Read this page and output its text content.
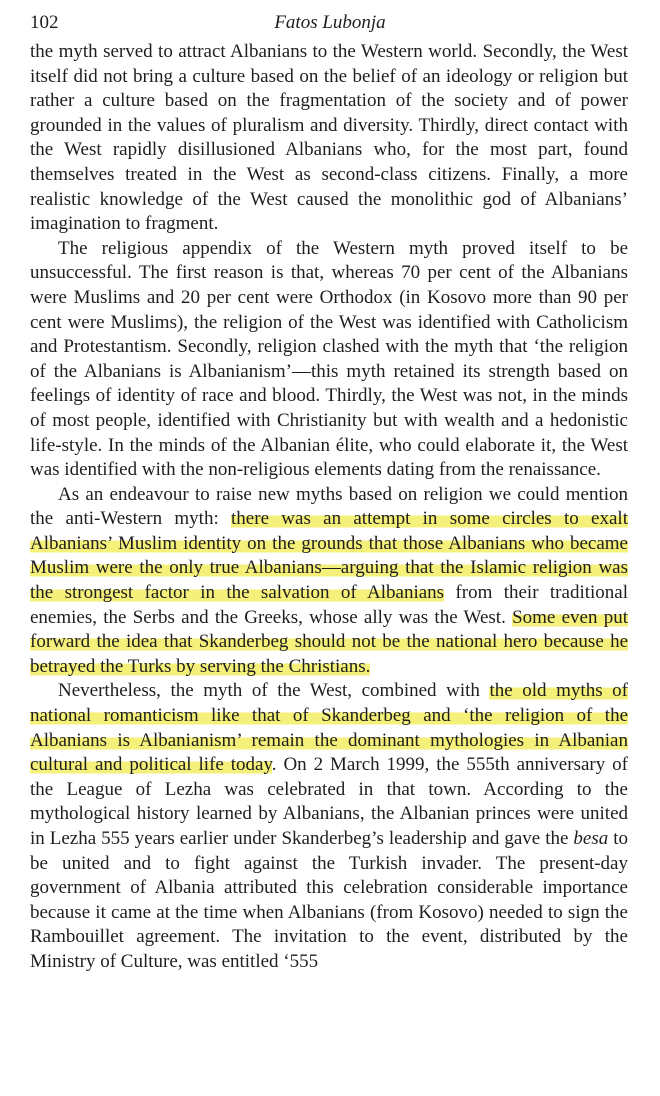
102	Fatos Lubonja

the myth served to attract Albanians to the Western world. Secondly, the West itself did not bring a culture based on the belief of an ideology or religion but rather a culture based on the fragmentation of the society and of power grounded in the values of pluralism and diversity. Thirdly, direct contact with the West rapidly disillusioned Albanians who, for the most part, found themselves treated in the West as second-class citizens. Finally, a more realistic knowledge of the West caused the monolithic god of Albanians’ imagination to fragment.

The religious appendix of the Western myth proved itself to be unsuccessful. The first reason is that, whereas 70 per cent of the Albanians were Muslims and 20 per cent were Orthodox (in Kosovo more than 90 per cent were Muslims), the religion of the West was identified with Catholicism and Protestantism. Secondly, religion clashed with the myth that ‘the religion of the Albanians is Albanianism’—this myth retained its strength based on feelings of identity of race and blood. Thirdly, the West was not, in the minds of most people, identified with Christianity but with wealth and a hedonistic life-style. In the minds of the Albanian élite, who could elaborate it, the West was identified with the non-religious elements dating from the renaissance.

As an endeavour to raise new myths based on religion we could mention the anti-Western myth: there was an attempt in some circles to exalt Albanians’ Muslim identity on the grounds that those Albanians who became Muslim were the only true Albanians—arguing that the Islamic religion was the strongest factor in the salvation of Albanians from their traditional enemies, the Serbs and the Greeks, whose ally was the West. Some even put forward the idea that Skanderbeg should not be the national hero because he betrayed the Turks by serving the Christians.

Nevertheless, the myth of the West, combined with the old myths of national romanticism like that of Skanderbeg and ‘the religion of the Albanians is Albanianism’ remain the dominant mythologies in Albanian cultural and political life today. On 2 March 1999, the 555th anniversary of the League of Lezha was celebrated in that town. According to the mythological history learned by Albanians, the Albanian princes were united in Lezha 555 years earlier under Skanderbeg’s leadership and gave the besa to be united and to fight against the Turkish invader. The present-day government of Albania attributed this celebration considerable importance because it came at the time when Albanians (from Kosovo) needed to sign the Rambouillet agreement. The invitation to the event, distributed by the Ministry of Culture, was entitled ‘555
